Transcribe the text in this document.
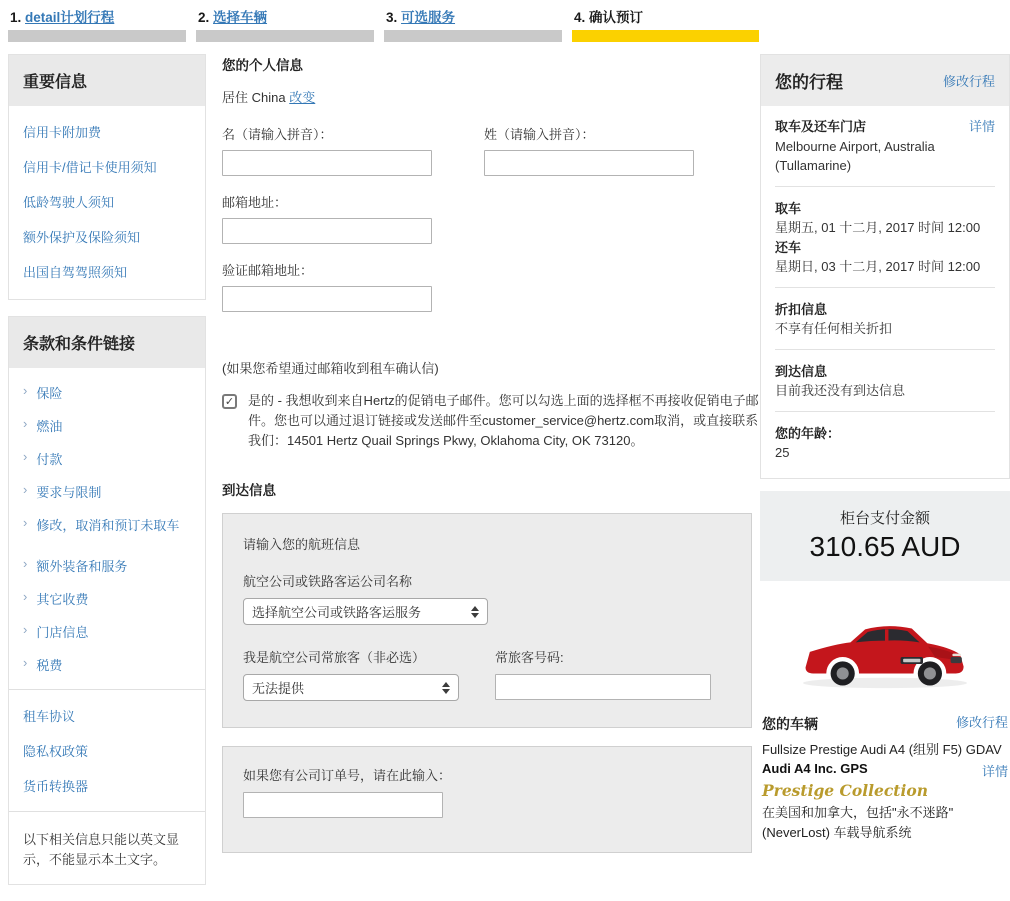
1. detail计划行程	2. 选择车辆	3. 可选服务	4. 确认预订
重要信息
信用卡附加费
信用卡/借记卡使用须知
低龄驾驶人须知
额外保护及保险须知
出国自驾驾照须知
条款和条件链接
› 保险
› 燃油
› 付款
› 要求与限制
› 修改，取消和预订未取车
› 额外装备和服务
› 其它收费
› 门店信息
› 税费
租车协议
隐私权政策
货币转换器
以下相关信息只能以英文显示，不能显示本土文字。
您的个人信息
居住 China 改变
名（请输入拼音）：	姓（请输入拼音）：
邮箱地址：
验证邮箱地址：
(如果您希望通过邮箱收到租车确认信)
✓ 是的 - 我想收到来自Hertz的促销电子邮件。您可以勾选上面的选择框不再接收促销电子邮件。您也可以通过退订链接或发送邮件至customer_service@hertz.com取消，或直接联系我们：14501 Hertz Quail Springs Pkwy, Oklahoma City, OK 73120。
到达信息
请输入您的航班信息
航空公司或铁路客运公司名称
选择航空公司或铁路客运服务
我是航空公司常旅客（非必选）
无法提供
常旅客号码:
如果您有公司订单号，请在此输入：
您的行程	修改行程
取车及还车门店	详情
Melbourne Airport, Australia
(Tullamarine)
取车
星期五, 01 十二月, 2017 时间 12:00
还车
星期日, 03 十二月, 2017 时间 12:00
折扣信息
不享有任何相关折扣
到达信息
目前我还没有到达信息
您的年龄：
25
柜台支付金额
310.65 AUD
您的车辆	修改行程
Fullsize Prestige Audi A4 (组别 F5) GDAV
Audi A4 Inc. GPS	详情
Prestige Collection
在美国和加拿大，包括"永不迷路" (NeverLost) 车载导航系统
